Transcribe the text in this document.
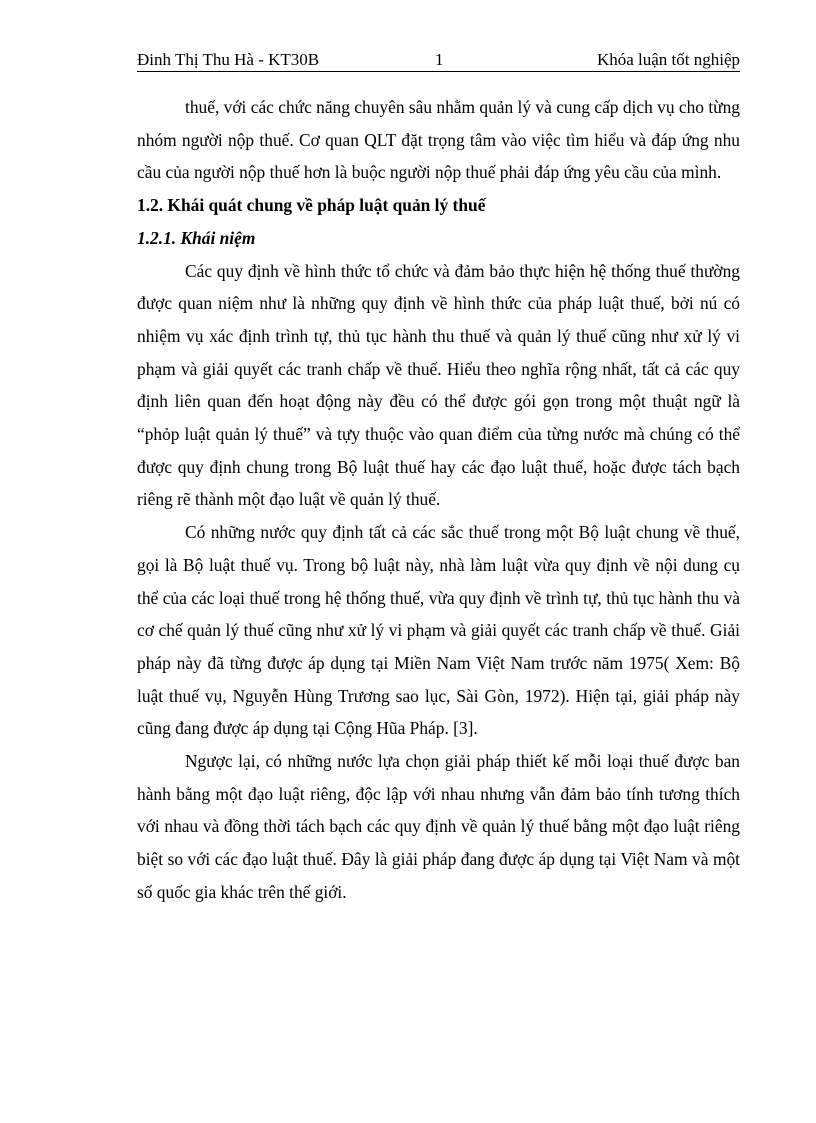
Đinh Thị Thu Hà - KT30B	1	Khóa luận tốt nghiệp

thuế, với các chức năng chuyên sâu nhằm quản lý và cung cấp dịch vụ cho từng nhóm người nộp thuế. Cơ quan QLT đặt trọng tâm vào việc tìm hiểu và đáp ứng nhu cầu của người nộp thuế hơn là buộc người nộp thuế phải đáp ứng yêu cầu của mình.

1.2. Khái quát chung về pháp luật quản lý thuế
1.2.1. Khái niệm

Các quy định về hình thức tổ chức và đảm bảo thực hiện hệ thống thuế thường được quan niệm như là những quy định về hình thức của pháp luật thuế, bởi nú có nhiệm vụ xác định trình tự, thủ tục hành thu thuế và quản lý thuế cũng như xử lý vi phạm và giải quyết các tranh chấp về thuế. Hiểu theo nghĩa rộng nhất, tất cả các quy định liên quan đến hoạt động này đều có thể được gói gọn trong một thuật ngữ là “phỏp luật quản lý thuế” và tựy thuộc vào quan điểm của từng nước mà chúng có thể được quy định chung trong Bộ luật thuế hay các đạo luật thuế, hoặc được tách bạch riêng rẽ thành một đạo luật về quản lý thuế.

Có những nước quy định tất cả các sắc thuế trong một Bộ luật chung về thuế, gọi là Bộ luật thuế vụ. Trong bộ luật này, nhà làm luật vừa quy định về nội dung cụ thể của các loại thuế trong hệ thống thuế, vừa quy định về trình tự, thủ tục hành thu và cơ chế quản lý thuế cũng như xử lý vi phạm và giải quyết các tranh chấp về thuế. Giải pháp này đã từng được áp dụng tại Miền Nam Việt Nam trước năm 1975( Xem: Bộ luật thuế vụ, Nguyễn Hùng Trương sao lục, Sài Gòn, 1972). Hiện tại, giải pháp này cũng đang được áp dụng tại Cộng Hũa Pháp. [3].

Ngược lại, có những nước lựa chọn giải pháp thiết kế mỗi loại thuế được ban hành bằng một đạo luật riêng, độc lập với nhau nhưng vẫn đảm bảo tính tương thích với nhau và đồng thời tách bạch các quy định về quản lý thuế bằng một đạo luật riêng biệt so với các đạo luật thuế. Đây là giải pháp đang được áp dụng tại Việt Nam và một số quốc gia khác trên thế giới.
